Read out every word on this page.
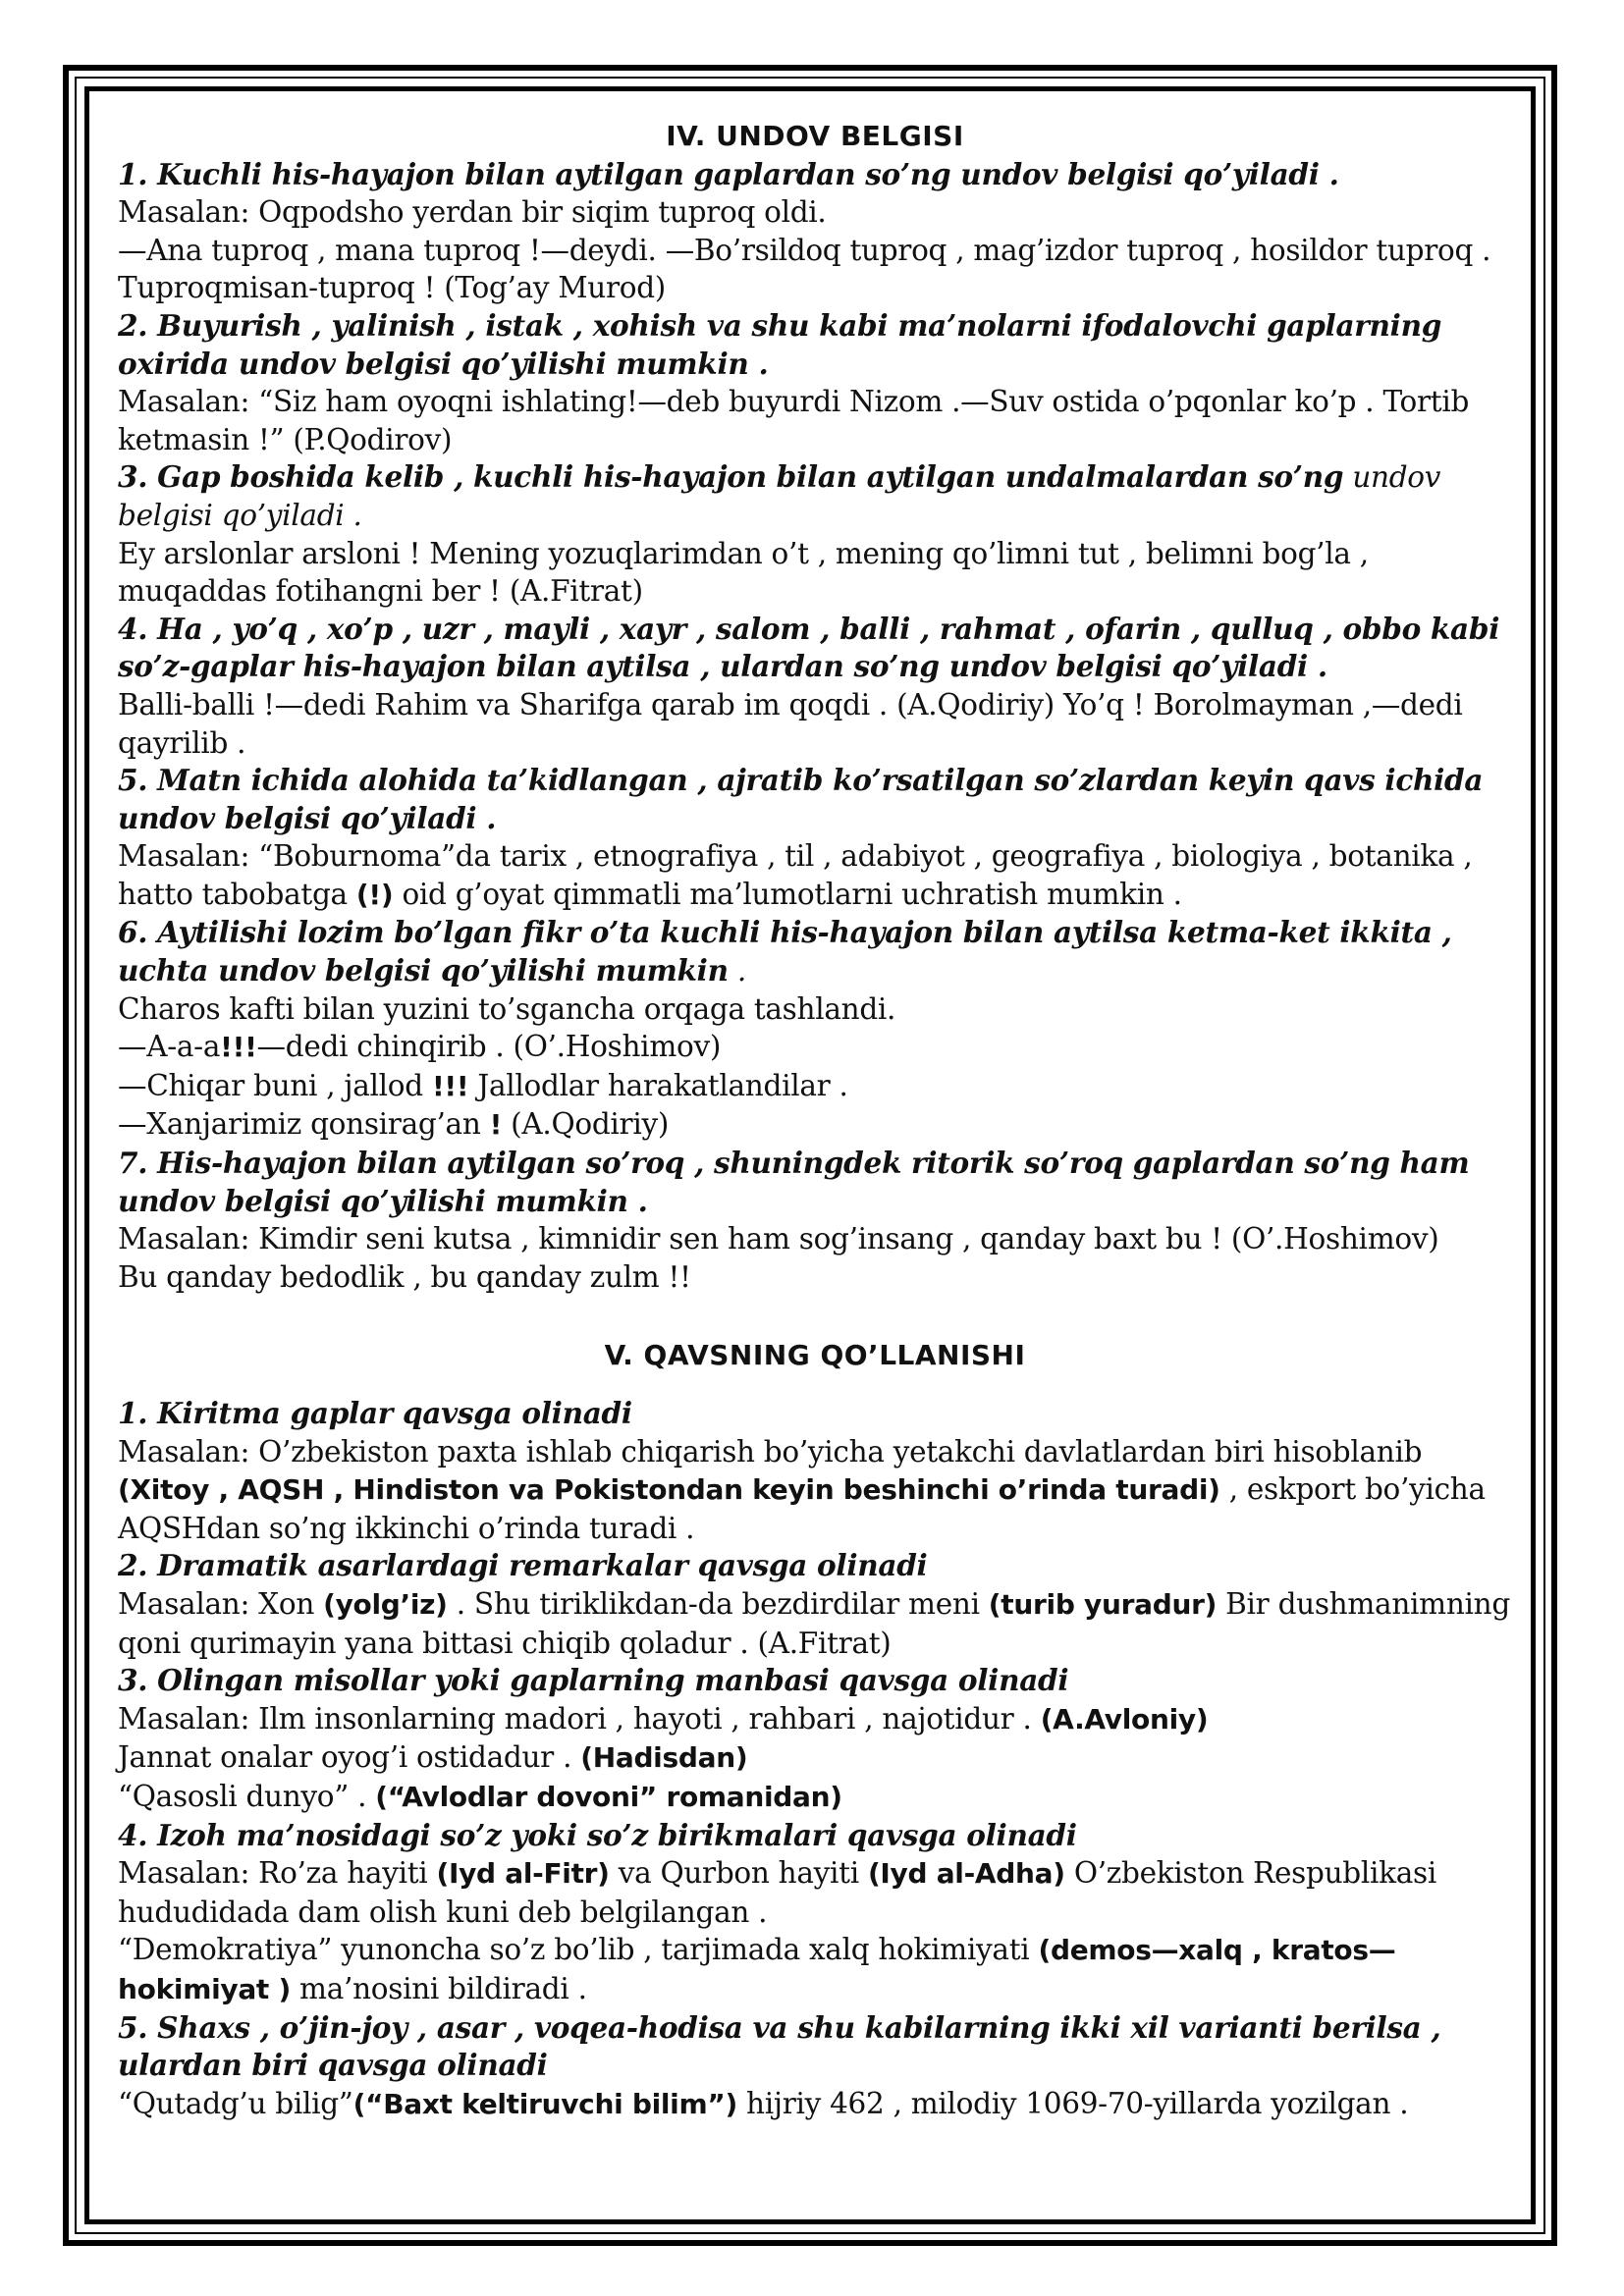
IV. UNDOV BELGISI

1. Kuchli his-hayajon bilan aytilgan gaplardan so’ng undov belgisi qo’yiladi .

Masalan: Oqpodsho yerdan bir siqim tuproq oldi.

—Ana tuproq , mana tuproq !—deydi. —Bo’rsildoq tuproq , mag’izdor tuproq , hosildor tuproq . Tuproqmisan-tuproq ! (Tog’ay Murod)

2. Buyurish , yalinish , istak , xohish va shu kabi ma’nolarni ifodalovchi gaplarning oxirida undov belgisi qo’yilishi mumkin .

Masalan: “Siz ham oyoqni ishlating!—deb buyurdi Nizom .—Suv ostida o’pqonlar ko’p . Tortib ketmasin !” (P.Qodirov)

3. Gap boshida kelib , kuchli his-hayajon bilan aytilgan undalmalardan so’ng undov belgisi qo’yiladi .

Ey arslonlar arsloni ! Mening yozuqlarimdan o’t , mening qo’limni tut , belimni bog’la , muqaddas fotihangni ber ! (A.Fitrat)

4. Ha , yo’q , xo’p , uzr , mayli , xayr , salom , balli , rahmat , ofarin , qulluq , obbo kabi so’z-gaplar his-hayajon bilan aytilsa , ulardan so’ng undov belgisi qo’yiladi .

Balli-balli !—dedi Rahim va Sharifga qarab im qoqdi . (A.Qodiriy) Yo’q ! Borolmayman ,—dedi qayrilib .

5. Matn ichida alohida ta’kidlangan , ajratib ko’rsatilgan so’zlardan keyin qavs ichida undov belgisi qo’yiladi .

Masalan: “Boburnoma”da tarix , etnografiya , til , adabiyot , geografiya , biologiya , botanika , hatto tabobatga (!) oid g’oyat qimmatli ma’lumotlarni uchratish mumkin .

6. Aytilishi lozim bo’lgan fikr o’ta kuchli his-hayajon bilan aytilsa ketma-ket ikkita , uchta undov belgisi qo’yilishi mumkin .

Charos kafti bilan yuzini to’sgancha orqaga tashlandi.

—A-a-a!!!—dedi chinqirib . (O’.Hoshimov)

—Chiqar buni , jallod !!! Jallodlar harakatlandilar .

—Xanjarimiz qonsirag’an ! (A.Qodiriy)

7. His-hayajon bilan aytilgan so’roq , shuningdek ritorik so’roq gaplardan so’ng ham undov belgisi qo’yilishi mumkin .

Masalan: Kimdir seni kutsa , kimnidir sen ham sog’insang , qanday baxt bu ! (O’.Hoshimov)

Bu qanday bedodlik , bu qanday zulm !!

V. QAVSNING QO’LLANISHI

1. Kiritma gaplar qavsga olinadi

Masalan: O’zbekiston paxta ishlab chiqarish bo’yicha yetakchi davlatlardan biri hisoblanib (Xitoy , AQSH , Hindiston va Pokistondan keyin beshinchi o’rinda turadi) , eskport bo’yicha AQSHdan so’ng ikkinchi o’rinda turadi .

2. Dramatik asarlardagi remarkalar qavsga olinadi

Masalan: Xon (yolg’iz) . Shu tiriklikdan-da bezdirdilar meni (turib yuradur) Bir dushmanimning qoni qurimayin yana bittasi chiqib qoladur . (A.Fitrat)

3. Olingan misollar yoki gaplarning manbasi qavsga olinadi

Masalan: Ilm insonlarning madori , hayoti , rahbari , najotidur . (A.Avloniy)

Jannat onalar oyog’i ostidadur . (Hadisdan)

“Qasosli dunyo” . (“Avlodlar dovoni” romanidan)

4. Izoh ma’nosidagi so’z yoki so’z birikmalari qavsga olinadi

Masalan: Ro’za hayiti (Iyd al-Fitr) va Qurbon hayiti (Iyd al-Adha) O’zbekiston Respublikasi hududidada dam olish kuni deb belgilangan .

“Demokratiya” yunoncha so’z bo’lib , tarjimada xalq hokimiyati (demos—xalq , kratos—hokimiyat ) ma’nosini bildiradi .

5. Shaxs , o’jin-joy , asar , voqea-hodisa va shu kabilarning ikki xil varianti berilsa , ulardan biri qavsga olinadi

“Qutadg’u bilig”(“Baxt keltiruvchi bilim”) hijriy 462 , milodiy 1069-70-yillarda yozilgan .
